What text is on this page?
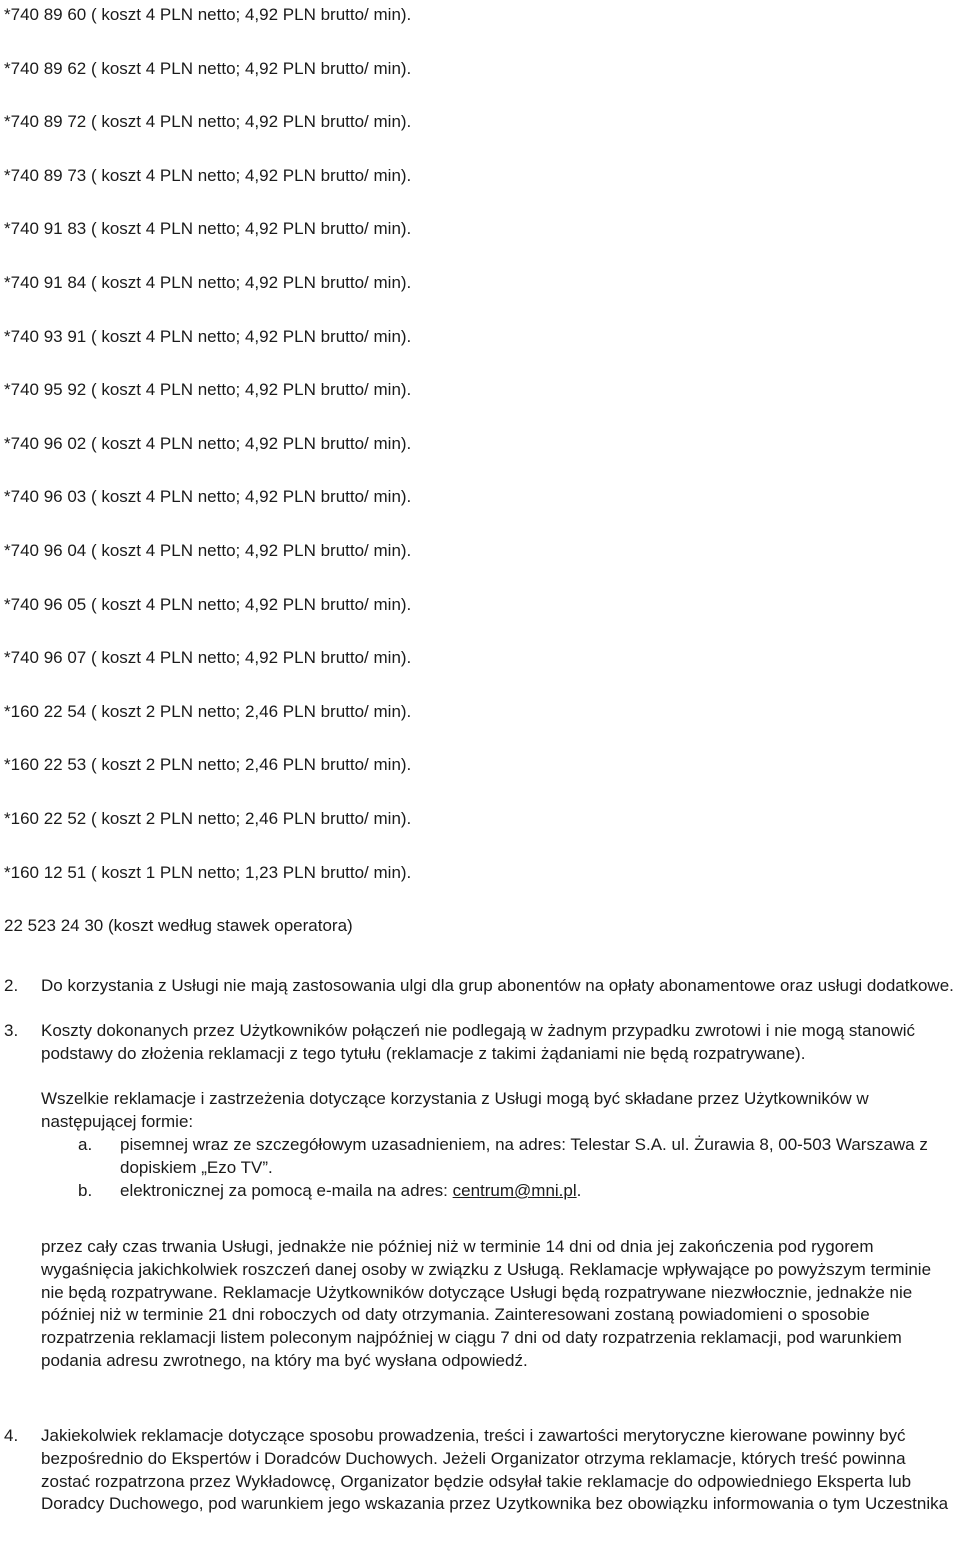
*740 89 60 ( koszt 4 PLN netto; 4,92 PLN brutto/ min).
*740 89 62 ( koszt 4 PLN netto; 4,92 PLN brutto/ min).
*740 89 72 ( koszt 4 PLN netto; 4,92 PLN brutto/ min).
*740 89 73 ( koszt 4 PLN netto; 4,92 PLN brutto/ min).
*740 91 83 ( koszt 4 PLN netto; 4,92 PLN brutto/ min).
*740 91 84 ( koszt 4 PLN netto; 4,92 PLN brutto/ min).
*740 93 91 ( koszt 4 PLN netto; 4,92 PLN brutto/ min).
*740 95 92 ( koszt 4 PLN netto; 4,92 PLN brutto/ min).
*740 96 02 ( koszt 4 PLN netto; 4,92 PLN brutto/ min).
*740 96 03 ( koszt 4 PLN netto; 4,92 PLN brutto/ min).
*740 96 04 ( koszt 4 PLN netto; 4,92 PLN brutto/ min).
*740 96 05 ( koszt 4 PLN netto; 4,92 PLN brutto/ min).
*740 96 07 ( koszt 4 PLN netto; 4,92 PLN brutto/ min).
*160 22 54 ( koszt 2 PLN netto; 2,46 PLN brutto/ min).
*160 22 53 ( koszt 2 PLN netto; 2,46 PLN brutto/ min).
*160 22 52 ( koszt 2 PLN netto; 2,46 PLN brutto/ min).
*160 12 51 ( koszt 1 PLN netto; 1,23 PLN brutto/ min).
22 523 24 30 (koszt według stawek operatora)
2. Do korzystania z Usługi nie mają zastosowania ulgi dla grup abonentów na opłaty abonamentowe oraz usługi dodatkowe.
3. Koszty dokonanych przez Użytkowników połączeń nie podlegają w żadnym przypadku zwrotowi i nie mogą stanowić podstawy do złożenia reklamacji z tego tytułu (reklamacje z takimi żądaniami nie będą rozpatrywane).
Wszelkie reklamacje i zastrzeżenia dotyczące korzystania z Usługi mogą być składane przez Użytkowników w następującej formie:
a. pisemnej wraz ze szczegółowym uzasadnieniem, na adres: Telestar S.A. ul. Żurawia 8, 00-503 Warszawa z dopiskiem „Ezo TV”.
b. elektronicznej za pomocą e-maila na adres: centrum@mni.pl.
przez cały czas trwania Usługi, jednakże nie później niż w terminie 14 dni od dnia jej zakończenia pod rygorem wygaśnięcia jakichkolwiek roszczeń danej osoby w związku z Usługą. Reklamacje wpływające po powyższym terminie nie będą rozpatrywane. Reklamacje Użytkowników dotyczące Usługi będą rozpatrywane niezwłocznie, jednakże nie później niż w terminie 21 dni roboczych od daty otrzymania. Zainteresowani zostaną powiadomieni o sposobie rozpatrzenia reklamacji listem poleconym najpóźniej w ciągu 7 dni od daty rozpatrzenia reklamacji, pod warunkiem podania adresu zwrotnego, na który ma być wysłana odpowiedź.
4. Jakiekolwiek reklamacje dotyczące sposobu prowadzenia, treści i zawartości merytoryczne kierowane powinny być bezpośrednio do Ekspertów i Doradców Duchowych. Jeżeli Organizator otrzyma reklamacje, których treść powinna zostać rozpatrzona przez Wykładowcę, Organizator będzie odsyłał takie reklamacje do odpowiedniego Eksperta lub Doradcy Duchowego, pod warunkiem jego wskazania przez Uzytkownika bez obowiązku informowania o tym Uczestnika
